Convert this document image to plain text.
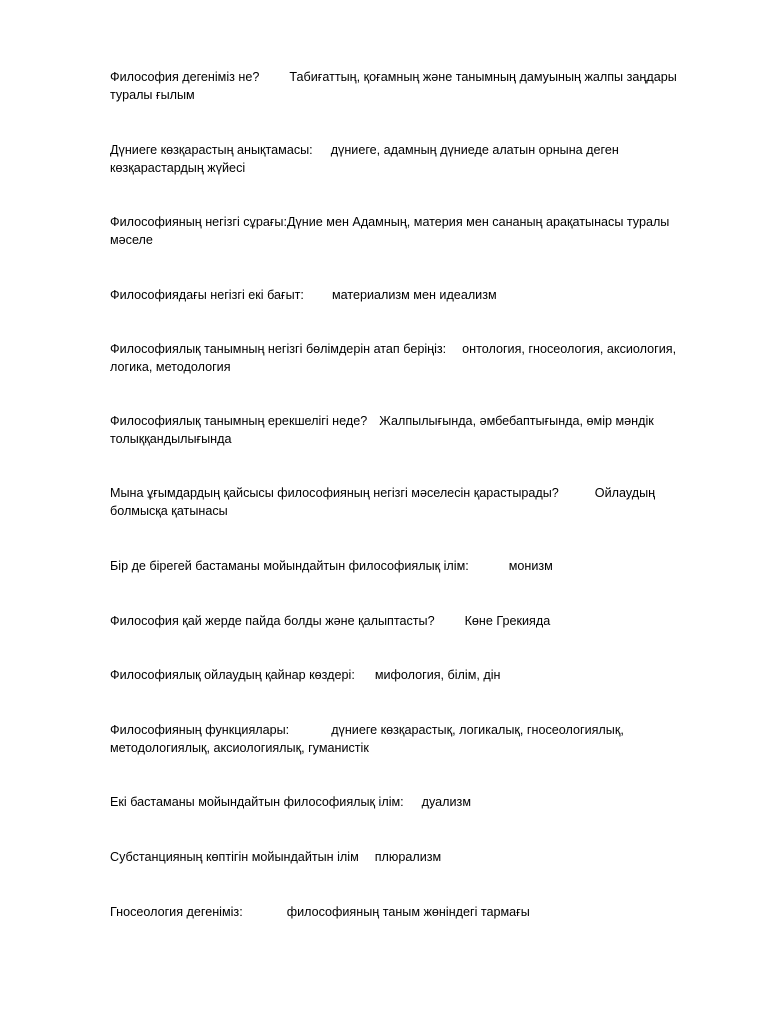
Философия дегеніміз не? Табиғаттың, қоғамның және танымның дамуының жалпы заңдары туралы ғылым
Дүниеге көзқарастың анықтамасы: дүниеге, адамның дүниеде алатын орнына деген көзқарастардың жүйесі
Философияның негізгі сұрағы:Дүние мен Адамның, материя мен сананың арақатынасы туралы мәселе
Философиядағы негізгі екі бағыт: материализм мен идеализм
Философиялық танымның негізгі бөлімдерін атап беріңіз: онтология, гносеология, аксиология, логика, методология
Философиялық танымның ерекшелігі неде? Жалпылығында, әмбебаптығында, өмір мәндік толыққандылығында
Мына ұғымдардың қайсысы философияның негізгі мәселесін қарастырады?	Ойлаудың болмысқа қатынасы
Бір де бірегей бастаманы мойындайтын философиялық ілім:	монизм
Философия қай жерде пайда болды және қалыптасты? Көне Грекияда
Философиялық ойлаудың қайнар көздері: мифология, білім, дін
Философияның функциялары:	дүниеге көзқарастық, логикалық, гносеологиялық, методологиялық, аксиологиялық, гуманистік
Екі бастаманы мойындайтын философиялық ілім: дуализм
Субстанцияның көптігін мойындайтын ілім плюрализм
Гносеология дегеніміз:	философияның таным жөніндегі тармағы
